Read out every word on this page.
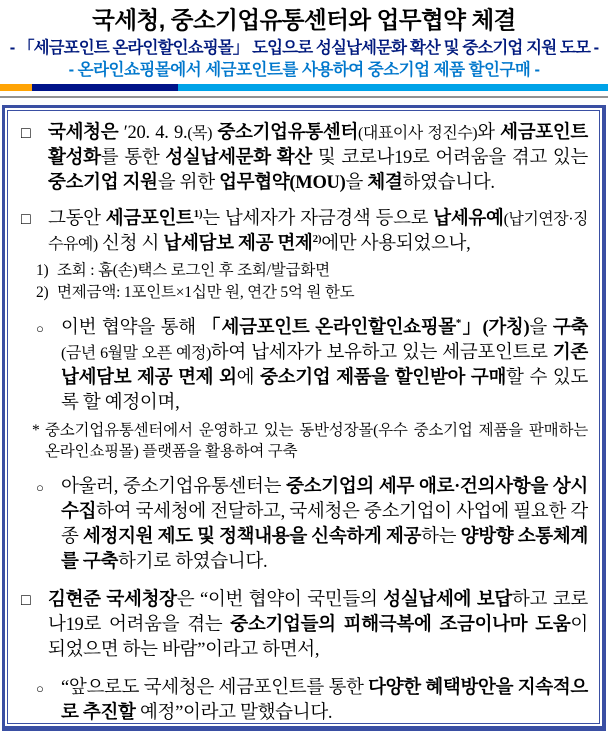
국세청, 중소기업유통센터와 업무협약 체결
- 「세금포인트 온라인할인쇼핑몰」 도입으로 성실납세문화 확산 및 중소기업 지원 도모 -
- 온라인쇼핑몰에서 세금포인트를 사용하여 중소기업 제품 할인구매 -
□ 국세청은 ′20. 4. 9.(목) 중소기업유통센터(대표이사 정진수)와 세금포인트 활성화를 통한 성실납세문화 확산 및 코로나19로 어려움을 겪고 있는 중소기업 지원을 위한 업무협약(MOU)을 체결하였습니다.
□ 그동안 세금포인트$^{1)}$는 납세자가 자금경색 등으로 납세유예(납기연장·징수유예) 신청 시 납세담보 제공 면제$^{2)}$에만 사용되었으나,
1) 조회 : 홈(손)택스 로그인 후 조회/발급화면
2) 면제금액: 1포인트×1십만 원, 연간 5억 원 한도
○ 이번 협약을 통해 「세금포인트 온라인할인쇼핑몰*」(가칭)을 구축(금년 6월말 오픈 예정)하여 납세자가 보유하고 있는 세금포인트로 기존 납세담보 제공 면제 외에 중소기업 제품을 할인받아 구매할 수 있도록 할 예정이며,
* 중소기업유통센터에서 운영하고 있는 동반성장몰(우수 중소기업 제품을 판매하는 온라인쇼핑몰) 플랫폼을 활용하여 구축
○ 아울러, 중소기업유통센터는 중소기업의 세무 애로·건의사항을 상시 수집하여 국세청에 전달하고, 국세청은 중소기업이 사업에 필요한 각종 세정지원 제도 및 정책내용을 신속하게 제공하는 양방향 소통체계를 구축하기로 하였습니다.
□ 김현준 국세청장은 “이번 협약이 국민들의 성실납세에 보답하고 코로나19로 어려움을 겪는 중소기업들의 피해극복에 조금이나마 도움이 되었으면 하는 바람”이라고 하면서,
○ “앞으로도 국세청은 세금포인트를 통한 다양한 혜택방안을 지속적으로 추진할 예정”이라고 말했습니다.
